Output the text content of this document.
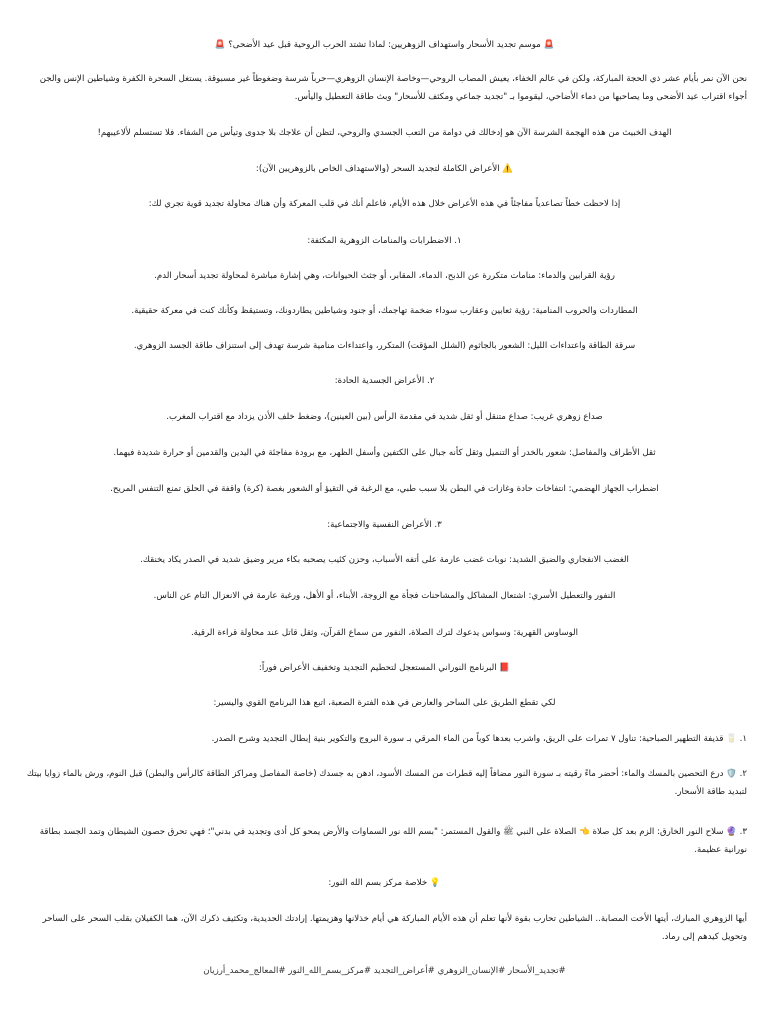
🚨 موسم تجديد الأسحار واستهداف الزوهريين: لماذا تشتد الحرب الروحية قبل عيد الأضحى؟ 🚨
نحن الآن نمر بأيام عشر ذي الحجة المباركة، ولكن في عالم الخفاء، يعيش المصاب الروحي—وخاصة الإنسان الزوهري—حرباً شرسة وضغوطاً غير مسبوقة. يستغل السحرة الكفرة وشياطين الإنس والجن أجواء اقتراب عيد الأضحى وما يصاحبها من دماء الأضاحي، ليقوموا بـ "تجديد جماعي ومكثف للأسحار" وبث طاقة التعطيل واليأس.
الهدف الخبيث من هذه الهجمة الشرسة الآن هو إدخالك في دوامة من التعب الجسدي والروحي، لتظن أن علاجك بلا جدوى وتيأس من الشفاء. فلا تستسلم لألاعيبهم!
⚠️ الأعراض الكاملة لتجديد السحر (والاستهداف الخاص بالزوهريين الآن):
إذا لاحظت خطاً تصاعدياً مفاجئاً في هذه الأعراض خلال هذه الأيام، فاعلم أنك في قلب المعركة وأن هناك محاولة تجديد قوية تجري لك:
١. الاضطرابات والمنامات الزوهرية المكثفة:
رؤية القرابين والدماء: منامات متكررة عن الذبح، الدماء، المقابر، أو جثث الحيوانات، وهي إشارة مباشرة لمحاولة تجديد أسحار الدم.
المطاردات والحروب المنامية: رؤية ثعابين وعقارب سوداء ضخمة تهاجمك، أو جنود وشياطين يطاردونك، وتستيقظ وكأنك كنت في معركة حقيقية.
سرقة الطاقة واعتداءات الليل: الشعور بالجاثوم (الشلل المؤقت) المتكرر، واعتداءات منامية شرسة تهدف إلى استنزاف طاقة الجسد الزوهري.
٢. الأعراض الجسدية الحادة:
صداع زوهري غريب: صداع متنقل أو ثقل شديد في مقدمة الرأس (بين العينين)، وضغط خلف الأذن يزداد مع اقتراب المغرب.
ثقل الأطراف والمفاصل: شعور بالخدر أو التنميل وثقل كأنه جبال على الكتفين وأسفل الظهر، مع برودة مفاجئة في اليدين والقدمين أو حرارة شديدة فيهما.
اضطراب الجهاز الهضمي: انتفاخات حادة وغازات في البطن بلا سبب طبي، مع الرغبة في التقيؤ أو الشعور بغصة (كرة) واقفة في الحلق تمنع التنفس المريح.
٣. الأعراض النفسية والاجتماعية:
الغضب الانفجاري والضيق الشديد: نوبات غضب عارمة على أتفه الأسباب، وحزن كئيب يصحبه بكاء مرير وضيق شديد في الصدر يكاد يخنقك.
النفور والتعطيل الأسري: اشتعال المشاكل والمشاحنات فجأة مع الزوجة، الأبناء، أو الأهل، ورغبة عارمة في الانعزال التام عن الناس.
الوساوس القهرية: وسواس يدعوك لترك الصلاة، النفور من سماع القرآن، وثقل قاتل عند محاولة قراءة الرقية.
📕 البرنامج النوراني المستعجل لتحطيم التجديد وتخفيف الأعراض فوراً:
لكي تقطع الطريق على الساحر والعارض في هذه الفترة الصعبة، اتبع هذا البرنامج القوي واليسير:
١. 🥛 قذيفة التطهير الصباحية: تناول ٧ تمرات على الريق، واشرب بعدها كوباً من الماء المرقي بـ سورة البروج والتكوير بنية إبطال التجديد وشرح الصدر.
٢. 🛡️ درع التحصين بالمسك والماء: أحضر ماءً رقيته بـ سورة النور مضافاً إليه قطرات من المسك الأسود، ادهن به جسدك (خاصة المفاصل ومراكز الطاقة كالرأس والبطن) قبل النوم، ورش بالماء زوايا بيتك لتبديد طاقة الأسحار.
٣. 🔮 سلاح النور الخارق: الزم بعد كل صلاة 👈 الصلاة على النبي ﷺ والقول المستمر: "بسم الله نور السماوات والأرض يمحو كل أذى وتجديد في بدني"؛ فهي تحرق حصون الشيطان وتمد الجسد بطاقة نورانية عظيمة.
💡 خلاصة مركز بسم الله النور:
أيها الزوهري المبارك، أيتها الأخت المصابة.. الشياطين تحارب بقوة لأنها تعلم أن هذه الأيام المباركة هي أيام خذلانها وهزيمتها. إرادتك الحديدية، وتكثيف ذكرك الآن، هما الكفيلان بقلب السحر على الساحر وتحويل كيدهم إلى رماد.
#تجديد_الأسحار #الإنسان_الزوهري #أعراض_التجديد #مركز_بسم_الله_النور #المعالج_محمد_أرزيان
